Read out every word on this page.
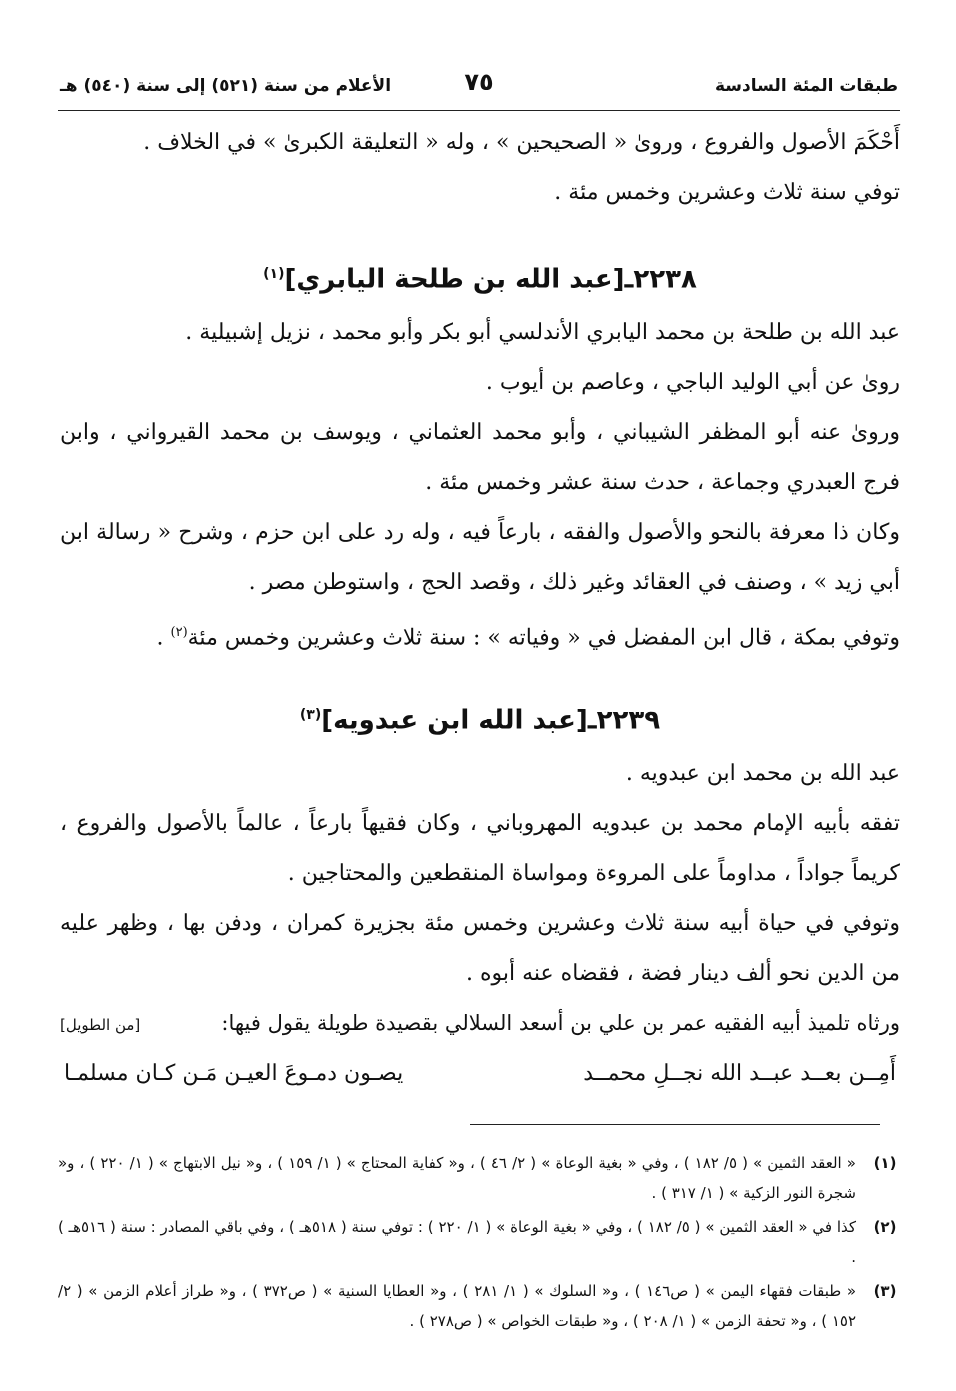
طبقات المئة السادسة
٧٥
الأعلام من سنة (٥٢١) إلى سنة (٥٤٠) هـ

أَحْكَمَ الأصول والفروع ، وروىٰ « الصحيحين » ، وله « التعليقة الكبرىٰ » في الخلاف .

توفي سنة ثلاث وعشرين وخمس مئة .

٢٢٣٨ـ[عبد الله بن طلحة اليابري]$^{(١)}$

عبد الله بن طلحة بن محمد اليابري الأندلسي أبو بكر وأبو محمد ، نزيل إشبيلية .

روىٰ عن أبي الوليد الباجي ، وعاصم بن أيوب .

وروىٰ عنه أبو المظفر الشيباني ، وأبو محمد العثماني ، ويوسف بن محمد القيرواني ، وابن فرج العبدري وجماعة ، حدث سنة عشر وخمس مئة .

وكان ذا معرفة بالنحو والأصول والفقه ، بارعاً فيه ، وله رد على ابن حزم ، وشرح « رسالة ابن أبي زيد » ، وصنف في العقائد وغير ذلك ، وقصد الحج ، واستوطن مصر .

وتوفي بمكة ، قال ابن المفضل في « وفياته » : سنة ثلاث وعشرين وخمس مئة$^{(٢)}$ .

٢٢٣٩ـ[عبد الله ابن عبدويه]$^{(٣)}$

عبد الله بن محمد ابن عبدويه .

تفقه بأبيه الإمام محمد بن عبدويه المهروباني ، وكان فقيهاً بارعاً ، عالماً بالأصول والفروع ، كريماً جواداً ، مداوماً على المروءة ومواساة المنقطعين والمحتاجين .

وتوفي في حياة أبيه سنة ثلاث وعشرين وخمس مئة بجزيرة كمران ، ودفن بها ، وظهر عليه من الدين نحو ألف دينار فضة ، فقضاه عنه أبوه .

ورثاه تلميذ أبيه الفقيه عمر بن علي بن أسعد السلالي بقصيدة طويلة يقول فيها:
[من الطويل]
أَمِــن بعــد عبــد الله نجــلِ محمــد
يصـون دمـوعَ العيـن مَـن كـان مسلمـا
(١)
« العقد الثمين » ( ٥/ ١٨٢ ) ، وفي « بغية الوعاة » ( ٢/ ٤٦ ) ، و« كفاية المحتاج » ( ١/ ١٥٩ ) ، و« نيل الابتهاج » ( ١/ ٢٢٠ ) ، و« شجرة النور الزكية » ( ١/ ٣١٧ ) .
(٢)
كذا في « العقد الثمين » ( ٥/ ١٨٢ ) ، وفي « بغية الوعاة » ( ١/ ٢٢٠ ) : توفي سنة ( ٥١٨هـ ) ، وفي باقي المصادر : سنة ( ٥١٦هـ ) .
(٣)
« طبقات فقهاء اليمن » ( ص١٤٦ ) ، و« السلوك » ( ١/ ٢٨١ ) ، و« العطايا السنية » ( ص٣٧٢ ) ، و« طراز أعلام الزمن » ( ٢/ ١٥٢ ) ، و« تحفة الزمن » ( ١/ ٢٠٨ ) ، و« طبقات الخواص » ( ص٢٧٨ ) .
